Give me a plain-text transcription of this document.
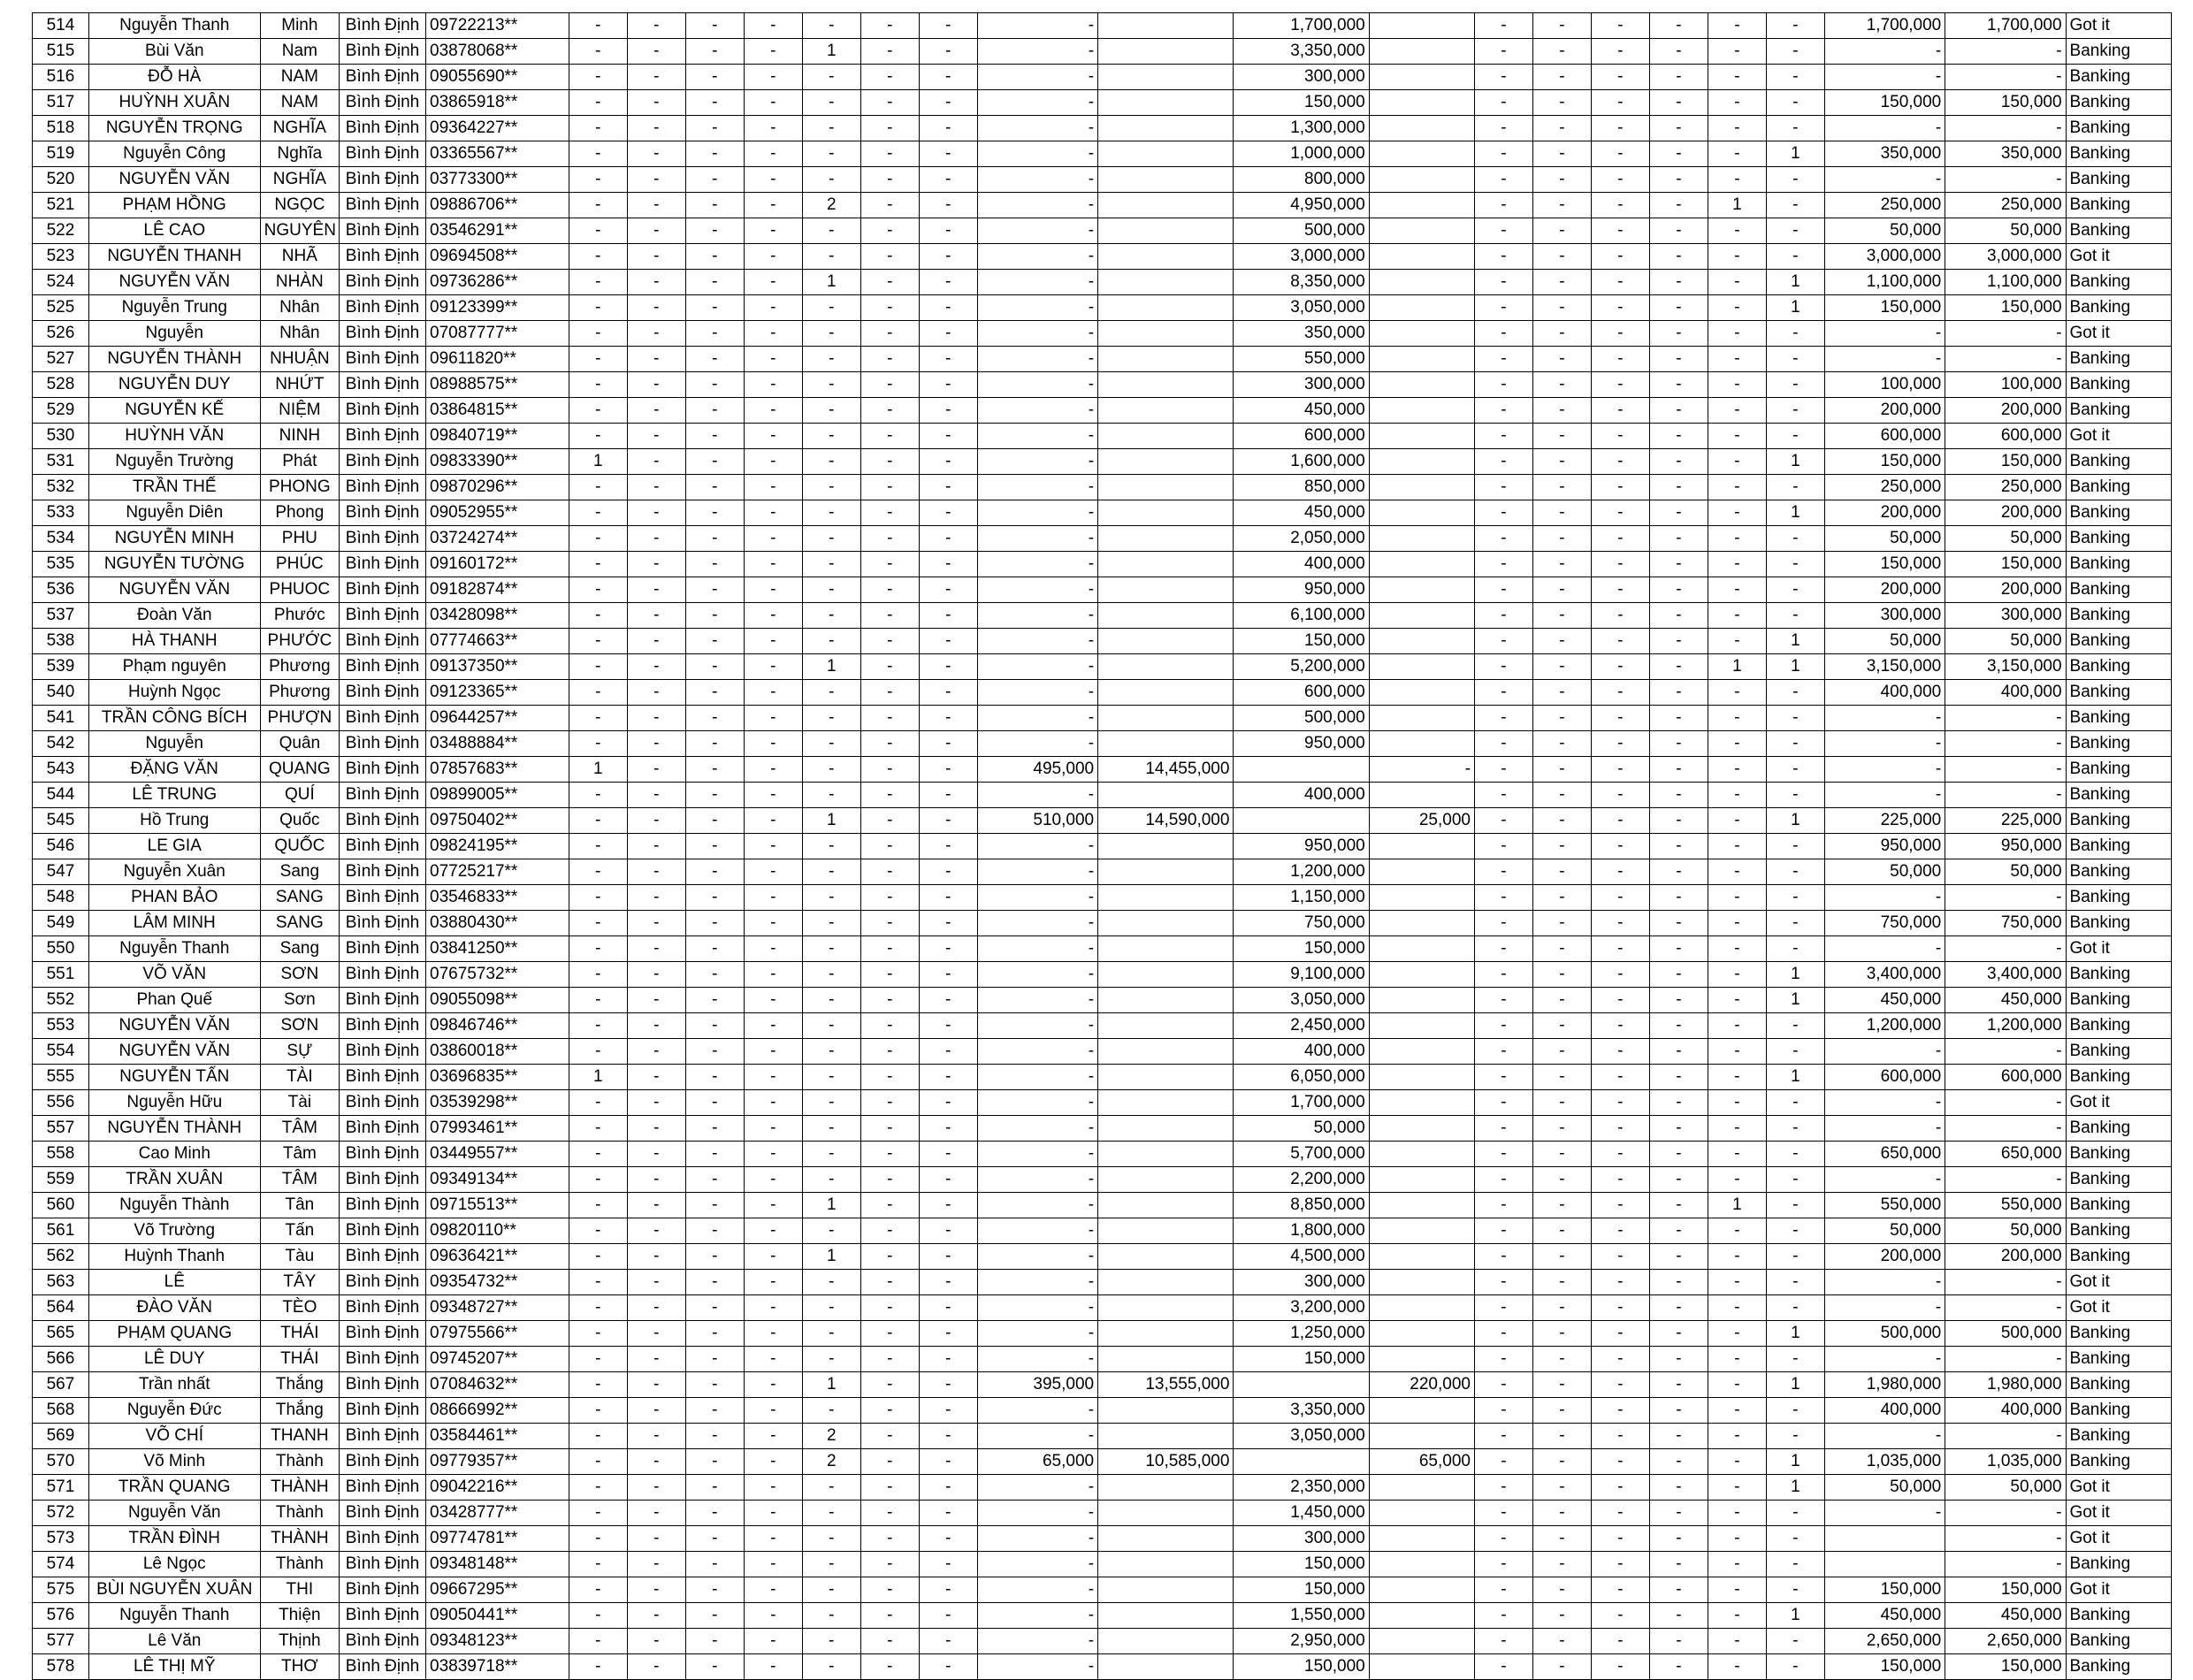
514	Nguyễn Thanh	Minh	Bình Định	09722213**	-	-	-	-	-	-	-	-		1,700,000		-	-	-	-	-	-	1,700,000	1,700,000	Got it
515	Bùi Văn	Nam	Bình Định	03878068**	-	-	-	-	1	-	-	-		3,350,000		-	-	-	-	-	-	-	-	Banking
516	ĐỖ HÀ	NAM	Bình Định	09055690**	-	-	-	-	-	-	-	-		300,000		-	-	-	-	-	-	-	-	Banking
517	HUỲNH XUÂN	NAM	Bình Định	03865918**	-	-	-	-	-	-	-	-		150,000		-	-	-	-	-	-	150,000	150,000	Banking
518	NGUYỄN TRỌNG	NGHĨA	Bình Định	09364227**	-	-	-	-	-	-	-	-		1,300,000		-	-	-	-	-	-	-	-	Banking
519	Nguyễn Công	Nghĩa	Bình Định	03365567**	-	-	-	-	-	-	-	-		1,000,000		-	-	-	-	-	1	350,000	350,000	Banking
520	NGUYỄN VĂN	NGHĨA	Bình Định	03773300**	-	-	-	-	-	-	-	-		800,000		-	-	-	-	-	-	-	-	Banking
521	PHẠM HỒNG	NGỌC	Bình Định	09886706**	-	-	-	-	2	-	-	-		4,950,000		-	-	-	-	1	-	250,000	250,000	Banking
522	LÊ CAO	NGUYÊN	Bình Định	03546291**	-	-	-	-	-	-	-	-		500,000		-	-	-	-	-	-	50,000	50,000	Banking
523	NGUYỄN THANH	NHÃ	Bình Định	09694508**	-	-	-	-	-	-	-	-		3,000,000		-	-	-	-	-	-	3,000,000	3,000,000	Got it
524	NGUYỄN VĂN	NHÀN	Bình Định	09736286**	-	-	-	-	1	-	-	-		8,350,000		-	-	-	-	-	1	1,100,000	1,100,000	Banking
525	Nguyễn Trung	Nhân	Bình Định	09123399**	-	-	-	-	-	-	-	-		3,050,000		-	-	-	-	-	1	150,000	150,000	Banking
526	Nguyễn	Nhân	Bình Định	07087777**	-	-	-	-	-	-	-	-		350,000		-	-	-	-	-	-	-	-	Got it
527	NGUYỄN THÀNH	NHUẬN	Bình Định	09611820**	-	-	-	-	-	-	-	-		550,000		-	-	-	-	-	-	-	-	Banking
528	NGUYỄN DUY	NHỨT	Bình Định	08988575**	-	-	-	-	-	-	-	-		300,000		-	-	-	-	-	-	100,000	100,000	Banking
529	NGUYỄN KẾ	NIỆM	Bình Định	03864815**	-	-	-	-	-	-	-	-		450,000		-	-	-	-	-	-	200,000	200,000	Banking
530	HUỲNH VĂN	NINH	Bình Định	09840719**	-	-	-	-	-	-	-	-		600,000		-	-	-	-	-	-	600,000	600,000	Got it
531	Nguyễn Trường	Phát	Bình Định	09833390**	1	-	-	-	-	-	-	-		1,600,000		-	-	-	-	-	1	150,000	150,000	Banking
532	TRẦN THẾ	PHONG	Bình Định	09870296**	-	-	-	-	-	-	-	-		850,000		-	-	-	-	-	-	250,000	250,000	Banking
533	Nguyễn Diên	Phong	Bình Định	09052955**	-	-	-	-	-	-	-	-		450,000		-	-	-	-	-	1	200,000	200,000	Banking
534	NGUYỄN MINH	PHU	Bình Định	03724274**	-	-	-	-	-	-	-	-		2,050,000		-	-	-	-	-	-	50,000	50,000	Banking
535	NGUYỄN TƯỜNG	PHÚC	Bình Định	09160172**	-	-	-	-	-	-	-	-		400,000		-	-	-	-	-	-	150,000	150,000	Banking
536	NGUYỄN VĂN	PHUOC	Bình Định	09182874**	-	-	-	-	-	-	-	-		950,000		-	-	-	-	-	-	200,000	200,000	Banking
537	Đoàn Văn	Phước	Bình Định	03428098**	-	-	-	-	-	-	-	-		6,100,000		-	-	-	-	-	-	300,000	300,000	Banking
538	HÀ THANH	PHƯỚC	Bình Định	07774663**	-	-	-	-	-	-	-	-		150,000		-	-	-	-	-	1	50,000	50,000	Banking
539	Phạm nguyên	Phương	Bình Định	09137350**	-	-	-	-	1	-	-	-		5,200,000		-	-	-	-	1	1	3,150,000	3,150,000	Banking
540	Huỳnh Ngọc	Phương	Bình Định	09123365**	-	-	-	-	-	-	-	-		600,000		-	-	-	-	-	-	400,000	400,000	Banking
541	TRẦN CÔNG BÍCH	PHƯỢN	Bình Định	09644257**	-	-	-	-	-	-	-	-		500,000		-	-	-	-	-	-	-	-	Banking
542	Nguyễn	Quân	Bình Định	03488884**	-	-	-	-	-	-	-	-		950,000		-	-	-	-	-	-	-	-	Banking
543	ĐẶNG VĂN	QUANG	Bình Định	07857683**	1	-	-	-	-	-	-	495,000	14,455,000		-	-	-	-	-	-	-	-	-	Banking
544	LÊ TRUNG	QUÍ	Bình Định	09899005**	-	-	-	-	-	-	-	-		400,000		-	-	-	-	-	-	-	-	Banking
545	Hồ Trung	Quốc	Bình Định	09750402**	-	-	-	-	1	-	-	510,000	14,590,000		25,000	-	-	-	-	-	1	225,000	225,000	Banking
546	LE GIA	QUỐC	Bình Định	09824195**	-	-	-	-	-	-	-	-		950,000		-	-	-	-	-	-	950,000	950,000	Banking
547	Nguyễn Xuân	Sang	Bình Định	07725217**	-	-	-	-	-	-	-	-		1,200,000		-	-	-	-	-	-	50,000	50,000	Banking
548	PHAN BẢO	SANG	Bình Định	03546833**	-	-	-	-	-	-	-	-		1,150,000		-	-	-	-	-	-	-	-	Banking
549	LÂM MINH	SANG	Bình Định	03880430**	-	-	-	-	-	-	-	-		750,000		-	-	-	-	-	-	750,000	750,000	Banking
550	Nguyễn Thanh	Sang	Bình Định	03841250**	-	-	-	-	-	-	-	-		150,000		-	-	-	-	-	-	-	-	Got it
551	VÕ VĂN	SƠN	Bình Định	07675732**	-	-	-	-	-	-	-	-		9,100,000		-	-	-	-	-	1	3,400,000	3,400,000	Banking
552	Phan Quế	Sơn	Bình Định	09055098**	-	-	-	-	-	-	-	-		3,050,000		-	-	-	-	-	1	450,000	450,000	Banking
553	NGUYỄN VĂN	SƠN	Bình Định	09846746**	-	-	-	-	-	-	-	-		2,450,000		-	-	-	-	-	-	1,200,000	1,200,000	Banking
554	NGUYỄN VĂN	SỰ	Bình Định	03860018**	-	-	-	-	-	-	-	-		400,000		-	-	-	-	-	-	-	-	Banking
555	NGUYỄN TẤN	TÀI	Bình Định	03696835**	1	-	-	-	-	-	-	-		6,050,000		-	-	-	-	-	1	600,000	600,000	Banking
556	Nguyễn Hữu	Tài	Bình Định	03539298**	-	-	-	-	-	-	-	-		1,700,000		-	-	-	-	-	-	-	-	Got it
557	NGUYỄN THÀNH	TÂM	Bình Định	07993461**	-	-	-	-	-	-	-	-		50,000		-	-	-	-	-	-	-	-	Banking
558	Cao Minh	Tâm	Bình Định	03449557**	-	-	-	-	-	-	-	-		5,700,000		-	-	-	-	-	-	650,000	650,000	Banking
559	TRẦN XUÂN	TÂM	Bình Định	09349134**	-	-	-	-	-	-	-	-		2,200,000		-	-	-	-	-	-	-	-	Banking
560	Nguyễn Thành	Tân	Bình Định	09715513**	-	-	-	-	1	-	-	-		8,850,000		-	-	-	-	1	-	550,000	550,000	Banking
561	Võ Trường	Tấn	Bình Định	09820110**	-	-	-	-	-	-	-	-		1,800,000		-	-	-	-	-	-	50,000	50,000	Banking
562	Huỳnh Thanh	Tàu	Bình Định	09636421**	-	-	-	-	1	-	-	-		4,500,000		-	-	-	-	-	-	200,000	200,000	Banking
563	LÊ	TÂY	Bình Định	09354732**	-	-	-	-	-	-	-	-		300,000		-	-	-	-	-	-	-	-	Got it
564	ĐÀO VĂN	TÈO	Bình Định	09348727**	-	-	-	-	-	-	-	-		3,200,000		-	-	-	-	-	-	-	-	Got it
565	PHẠM QUANG	THÁI	Bình Định	07975566**	-	-	-	-	-	-	-	-		1,250,000		-	-	-	-	-	1	500,000	500,000	Banking
566	LÊ DUY	THÁI	Bình Định	09745207**	-	-	-	-	-	-	-	-		150,000		-	-	-	-	-	-	-	-	Banking
567	Trần nhất	Thắng	Bình Định	07084632**	-	-	-	-	1	-	-	395,000	13,555,000		220,000	-	-	-	-	-	1	1,980,000	1,980,000	Banking
568	Nguyễn Đức	Thắng	Bình Định	08666992**	-	-	-	-	-	-	-	-		3,350,000		-	-	-	-	-	-	400,000	400,000	Banking
569	VÕ CHÍ	THANH	Bình Định	03584461**	-	-	-	-	2	-	-	-		3,050,000		-	-	-	-	-	-	-	-	Banking
570	Võ Minh	Thành	Bình Định	09779357**	-	-	-	-	2	-	-	65,000	10,585,000		65,000	-	-	-	-	-	1	1,035,000	1,035,000	Banking
571	TRẦN QUANG	THÀNH	Bình Định	09042216**	-	-	-	-	-	-	-	-		2,350,000		-	-	-	-	-	1	50,000	50,000	Got it
572	Nguyễn Văn	Thành	Bình Định	03428777**	-	-	-	-	-	-	-	-		1,450,000		-	-	-	-	-	-	-	-	Got it
573	TRẦN ĐÌNH	THÀNH	Bình Định	09774781**	-	-	-	-	-	-	-	-		300,000		-	-	-	-	-	-		-	Got it
574	Lê Ngọc	Thành	Bình Định	09348148**	-	-	-	-	-	-	-	-		150,000		-	-	-	-	-	-		-	Banking
575	BÙI NGUYỄN XUÂN	THI	Bình Định	09667295**	-	-	-	-	-	-	-	-		150,000		-	-	-	-	-	-	150,000	150,000	Got it
576	Nguyễn Thanh	Thiện	Bình Định	09050441**	-	-	-	-	-	-	-	-		1,550,000		-	-	-	-	-	1	450,000	450,000	Banking
577	Lê Văn	Thịnh	Bình Định	09348123**	-	-	-	-	-	-	-	-		2,950,000		-	-	-	-	-	-	2,650,000	2,650,000	Banking
578	LÊ THỊ MỸ	THƠ	Bình Định	03839718**	-	-	-	-	-	-	-	-		150,000		-	-	-	-	-	-	150,000	150,000	Banking
